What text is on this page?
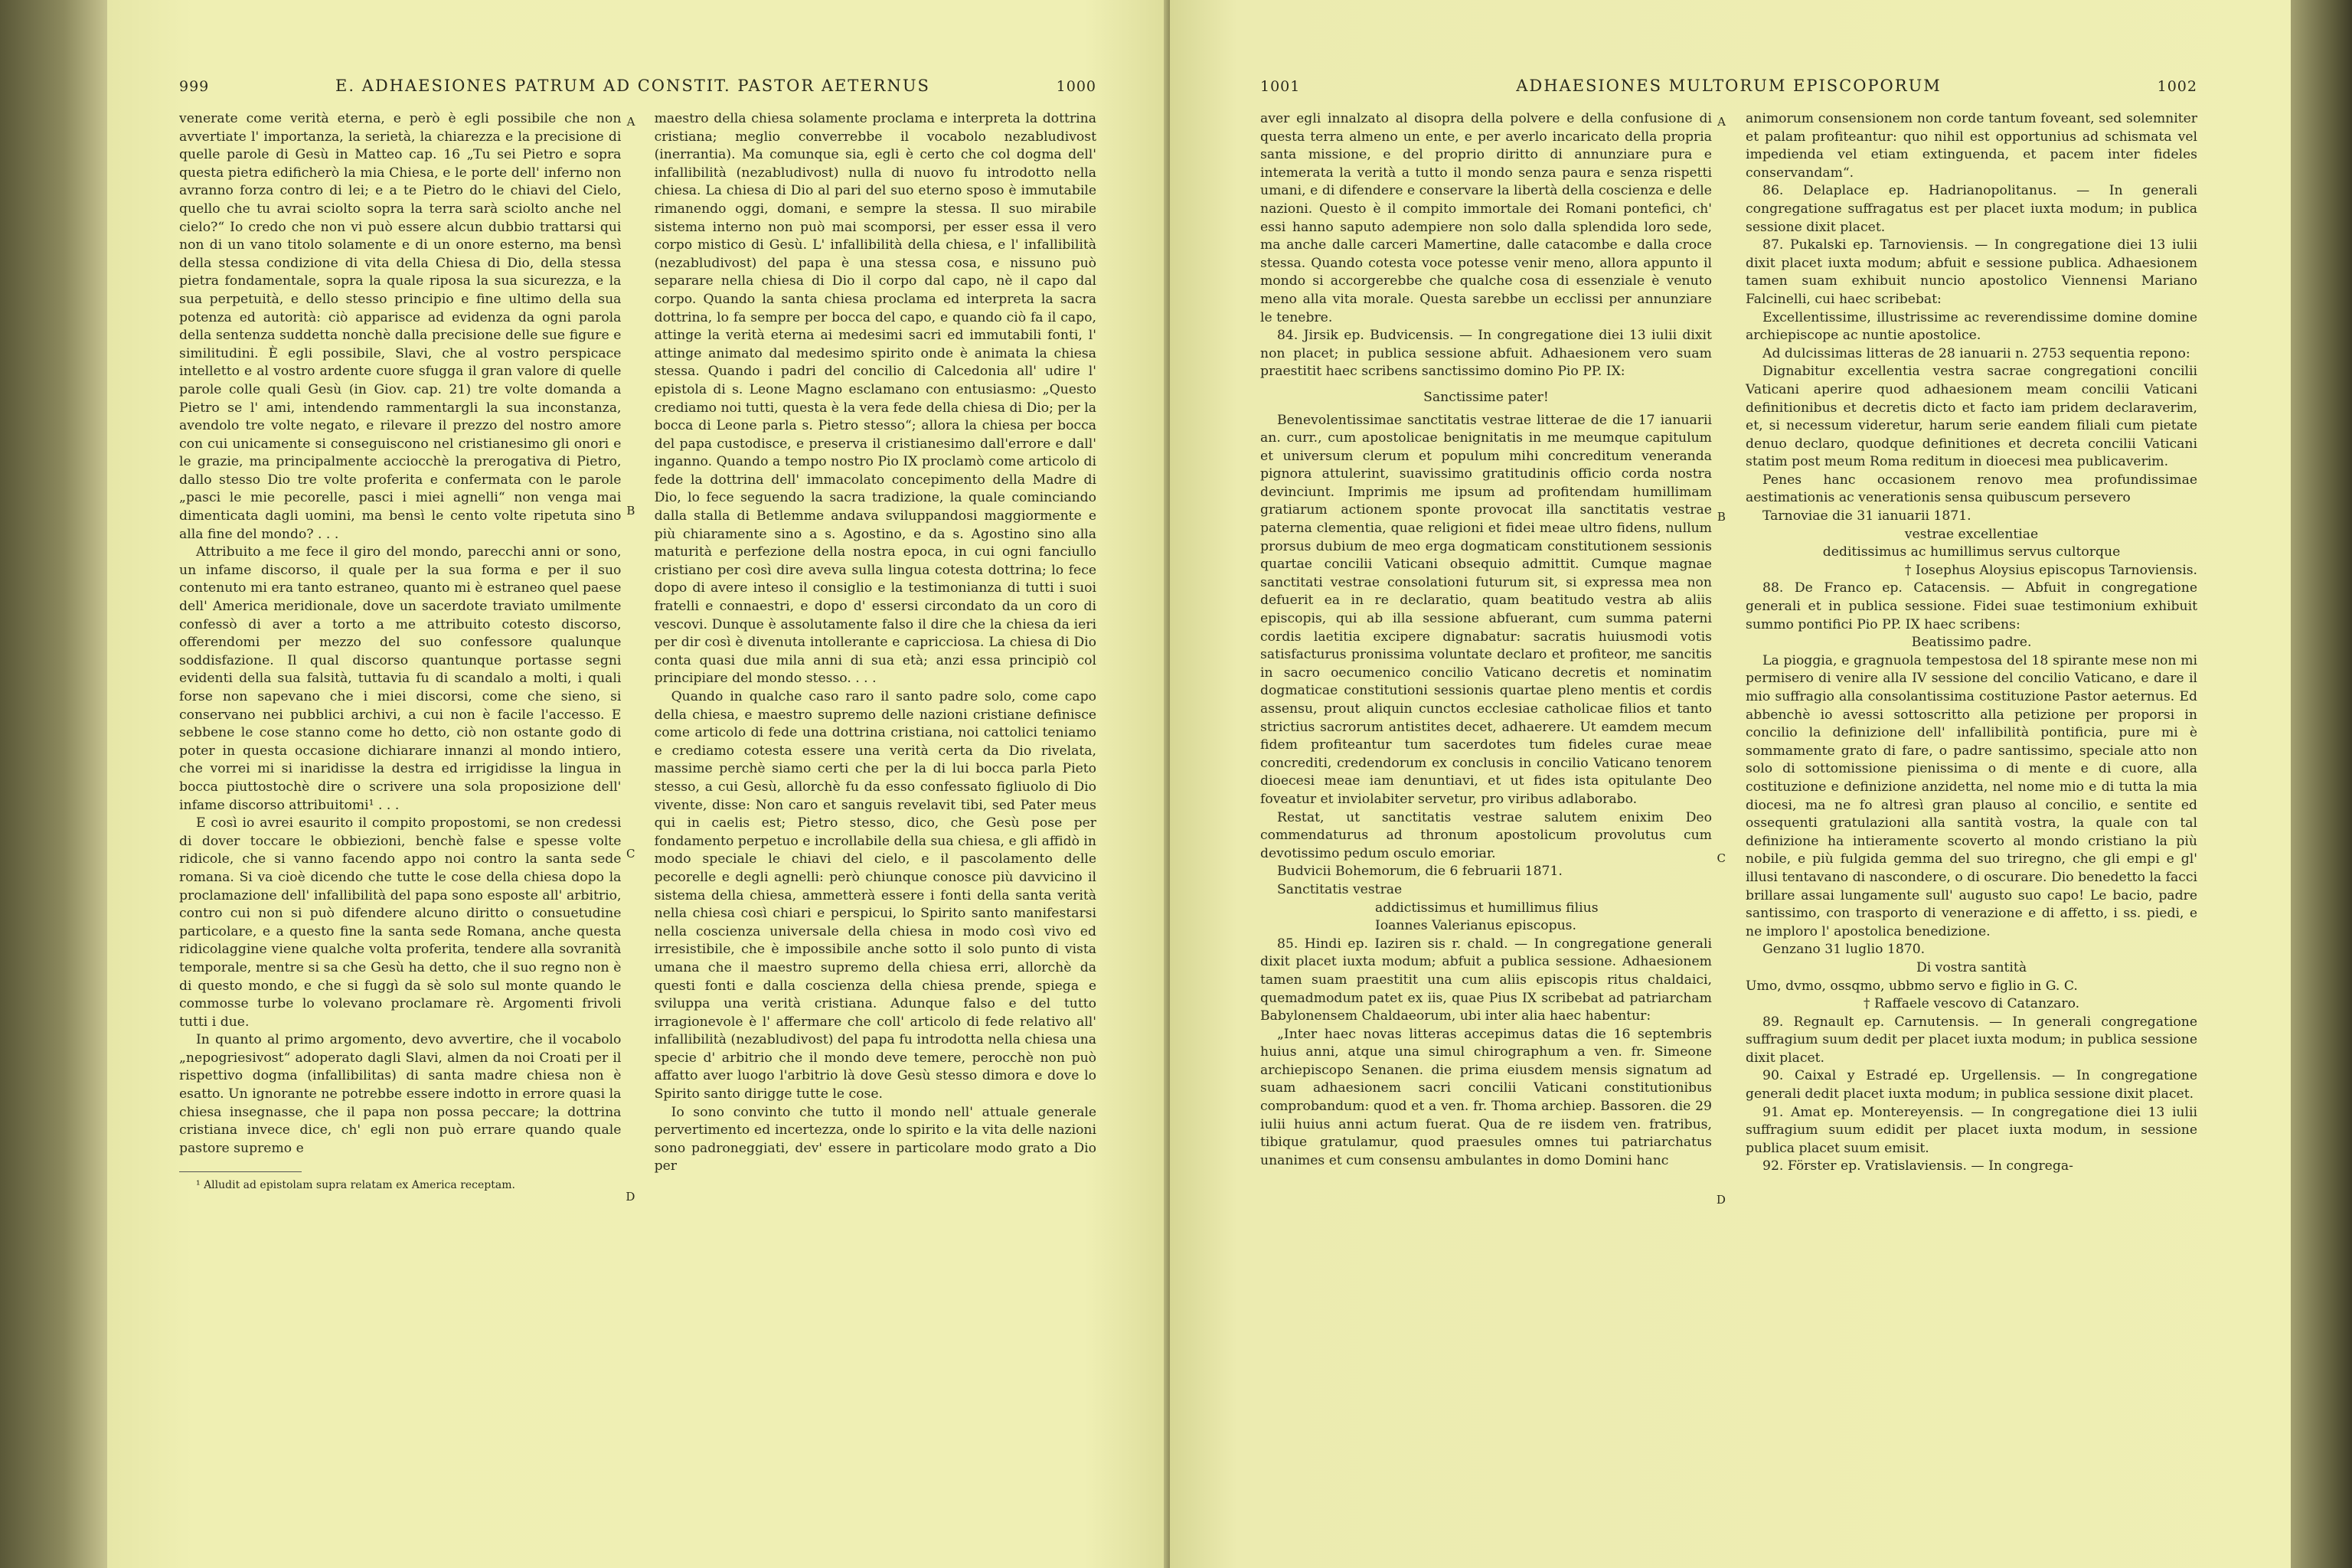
999	E. ADHAESIONES PATRUM AD CONSTIT. PASTOR AETERNUS	1000
A
B
C
D

venerate come verità eterna, e però è egli possibile che non avvertiate l' importanza, la serietà, la chiarezza e la precisione di quelle parole di Gesù in Matteo cap. 16 „Tu sei Pietro e sopra questa pietra edificherò la mia Chiesa, e le porte dell' inferno non avranno forza contro di lei; e a te Pietro do le chiavi del Cielo, quello che tu avrai sciolto sopra la terra sarà sciolto anche nel cielo?“ Io credo che non vi può essere alcun dubbio trattarsi qui non di un vano titolo solamente e di un onore esterno, ma bensì della stessa condizione di vita della Chiesa di Dio, della stessa pietra fondamentale, sopra la quale riposa la sua sicurezza, e la sua perpetuità, e dello stesso principio e fine ultimo della sua potenza ed autorità: ciò apparisce ad evidenza da ogni parola della sentenza suddetta nonchè dalla precisione delle sue figure e similitudini. È egli possibile, Slavi, che al vostro perspicace intelletto e al vostro ardente cuore sfugga il gran valore di quelle parole colle quali Gesù (in Giov. cap. 21) tre volte domanda a Pietro se l' ami, intendendo rammentargli la sua inconstanza, avendolo tre volte negato, e rilevare il prezzo del nostro amore con cui unicamente si conseguiscono nel cristianesimo gli onori e le grazie, ma principalmente acciocchè la prerogativa di Pietro, dallo stesso Dio tre volte proferita e confermata con le parole „pasci le mie pecorelle, pasci i miei agnelli“ non venga mai dimenticata dagli uomini, ma bensì le cento volte ripetuta sino alla fine del mondo? . . .

Attribuito a me fece il giro del mondo, parecchi anni or sono, un infame discorso, il quale per la sua forma e per il suo contenuto mi era tanto estraneo, quanto mi è estraneo quel paese dell' America meridionale, dove un sacerdote traviato umilmente confessò di aver a torto a me attribuito cotesto discorso, offerendomi per mezzo del suo confessore qualunque soddisfazione. Il qual discorso quantunque portasse segni evidenti della sua falsità, tuttavia fu di scandalo a molti, i quali forse non sapevano che i miei discorsi, come che sieno, si conservano nei pubblici archivi, a cui non è facile l'accesso. E sebbene le cose stanno come ho detto, ciò non ostante godo di poter in questa occasione dichiarare innanzi al mondo intiero, che vorrei mi si inaridisse la destra ed irrigidisse la lingua in bocca piuttostochè dire o scrivere una sola proposizione dell' infame discorso attribuitomi¹ . . .

E così io avrei esaurito il compito propostomi, se non credessi di dover toccare le obbiezioni, benchè false e spesse volte ridicole, che si vanno facendo appo noi contro la santa sede romana. Si va cioè dicendo che tutte le cose della chiesa dopo la proclamazione dell' infallibilità del papa sono esposte all' arbitrio, contro cui non si può difendere alcuno diritto o consuetudine particolare, e a questo fine la santa sede Romana, anche questa ridicolaggine viene qualche volta proferita, tendere alla sovranità temporale, mentre si sa che Gesù ha detto, che il suo regno non è di questo mondo, e che si fuggì da sè solo sul monte quando le commosse turbe lo volevano proclamare rè. Argomenti frivoli tutti i due.

In quanto al primo argomento, devo avvertire, che il vocabolo „nepogriesivost“ adoperato dagli Slavi, almen da noi Croati per il rispettivo dogma (infallibilitas) di santa madre chiesa non è esatto. Un ignorante ne potrebbe essere indotto in errore quasi la chiesa insegnasse, che il papa non possa peccare; la dottrina cristiana invece dice, ch' egli non può errare quando quale pastore supremo e

¹ Alludit ad epistolam supra relatam ex America receptam.

maestro della chiesa solamente proclama e interpreta la dottrina cristiana; meglio converrebbe il vocabolo nezabludivost (inerrantia). Ma comunque sia, egli è certo che col dogma dell' infallibilità (nezabludivost) nulla di nuovo fu introdotto nella chiesa. La chiesa di Dio al pari del suo eterno sposo è immutabile rimanendo oggi, domani, e sempre la stessa. Il suo mirabile sistema interno non può mai scomporsi, per esser essa il vero corpo mistico di Gesù. L' infallibilità della chiesa, e l' infallibilità (nezabludivost) del papa è una stessa cosa, e nissuno può separare nella chiesa di Dio il corpo dal capo, nè il capo dal corpo. Quando la santa chiesa proclama ed interpreta la sacra dottrina, lo fa sempre per bocca del capo, e quando ciò fa il capo, attinge la verità eterna ai medesimi sacri ed immutabili fonti, l' attinge animato dal medesimo spirito onde è animata la chiesa stessa. Quando i padri del concilio di Calcedonia all' udire l' epistola di s. Leone Magno esclamano con entusiasmo: „Questo crediamo noi tutti, questa è la vera fede della chiesa di Dio; per la bocca di Leone parla s. Pietro stesso“; allora la chiesa per bocca del papa custodisce, e preserva il cristianesimo dall'errore e dall' inganno. Quando a tempo nostro Pio IX proclamò come articolo di fede la dottrina dell' immacolato concepimento della Madre di Dio, lo fece seguendo la sacra tradizione, la quale cominciando dalla stalla di Betlemme andava sviluppandosi maggiormente e più chiaramente sino a s. Agostino, e da s. Agostino sino alla maturità e perfezione della nostra epoca, in cui ogni fanciullo cristiano per così dire aveva sulla lingua cotesta dottrina; lo fece dopo di avere inteso il consiglio e la testimonianza di tutti i suoi fratelli e connaestri, e dopo d' essersi circondato da un coro di vescovi. Dunque è assolutamente falso il dire che la chiesa da ieri per dir così è divenuta intollerante e capricciosa. La chiesa di Dio conta quasi due mila anni di sua età; anzi essa principiò col principiare del mondo stesso. . . .

Quando in qualche caso raro il santo padre solo, come capo della chiesa, e maestro supremo delle nazioni cristiane definisce come articolo di fede una dottrina cristiana, noi cattolici teniamo e crediamo cotesta essere una verità certa da Dio rivelata, massime perchè siamo certi che per la di lui bocca parla Pieto stesso, a cui Gesù, allorchè fu da esso confessato figliuolo di Dio vivente, disse: Non caro et sanguis revelavit tibi, sed Pater meus qui in caelis est; Pietro stesso, dico, che Gesù pose per fondamento perpetuo e incrollabile della sua chiesa, e gli affidò in modo speciale le chiavi del cielo, e il pascolamento delle pecorelle e degli agnelli: però chiunque conosce più davvicino il sistema della chiesa, ammetterà essere i fonti della santa verità nella chiesa così chiari e perspicui, lo Spirito santo manifestarsi nella coscienza universale della chiesa in modo così vivo ed irresistibile, che è impossibile anche sotto il solo punto di vista umana che il maestro supremo della chiesa erri, allorchè da questi fonti e dalla coscienza della chiesa prende, spiega e sviluppa una verità cristiana. Adunque falso e del tutto irragionevole è l' affermare che coll' articolo di fede relativo all' infallibilità (nezabludivost) del papa fu introdotta nella chiesa una specie d' arbitrio che il mondo deve temere, perocchè non può affatto aver luogo l'arbitrio là dove Gesù stesso dimora e dove lo Spirito santo dirigge tutte le cose.

Io sono convinto che tutto il mondo nell' attuale generale pervertimento ed incertezza, onde lo spirito e la vita delle nazioni sono padroneggiati, dev' essere in particolare modo grato a Dio per

1001	ADHAESIONES MULTORUM EPISCOPORUM	1002
A
B
C
D

aver egli innalzato al disopra della polvere e della confusione di questa terra almeno un ente, e per averlo incaricato della propria santa missione, e del proprio diritto di annunziare pura e intemerata la verità a tutto il mondo senza paura e senza rispetti umani, e di difendere e conservare la libertà della coscienza e delle nazioni. Questo è il compito immortale dei Romani pontefici, ch' essi hanno saputo adempiere non solo dalla splendida loro sede, ma anche dalle carceri Mamertine, dalle catacombe e dalla croce stessa. Quando cotesta voce potesse venir meno, allora appunto il mondo si accorgerebbe che qualche cosa di essenziale è venuto meno alla vita morale. Questa sarebbe un ecclissi per annunziare le tenebre.

84. Jirsik ep. Budvicensis. — In congregatione diei 13 iulii dixit non placet; in publica sessione abfuit. Adhaesionem vero suam praestitit haec scribens sanctissimo domino Pio PP. IX:

Sanctissime pater!

Benevolentissimae sanctitatis vestrae litterae de die 17 ianuarii an. curr., cum apostolicae benignitatis in me meumque capitulum et universum clerum et populum mihi concreditum veneranda pignora attulerint, suavissimo gratitudinis officio corda nostra devinciunt. Imprimis me ipsum ad profitendam humillimam gratiarum actionem sponte provocat illa sanctitatis vestrae paterna clementia, quae religioni et fidei meae ultro fidens, nullum prorsus dubium de meo erga dogmaticam constitutionem sessionis quartae concilii Vaticani obsequio admittit. Cumque magnae sanctitati vestrae consolationi futurum sit, si expressa mea non defuerit ea in re declaratio, quam beatitudo vestra ab aliis episcopis, qui ab illa sessione abfuerant, cum summa paterni cordis laetitia excipere dignabatur: sacratis huiusmodi votis satisfacturus pronissima voluntate declaro et profiteor, me sancitis in sacro oecumenico concilio Vaticano decretis et nominatim dogmaticae constitutioni sessionis quartae pleno mentis et cordis assensu, prout aliquin cunctos ecclesiae catholicae filios et tanto strictius sacrorum antistites decet, adhaerere. Ut eamdem mecum fidem profiteantur tum sacerdotes tum fideles curae meae concrediti, credendorum ex conclusis in concilio Vaticano tenorem dioecesi meae iam denuntiavi, et ut fides ista opitulante Deo foveatur et inviolabiter servetur, pro viribus adlaborabo.

Restat, ut sanctitatis vestrae salutem enixim Deo commendaturus ad thronum apostolicum provolutus cum devotissimo pedum osculo emoriar.

Budvicii Bohemorum, die 6 februarii 1871.

Sanctitatis vestrae

addictissimus et humillimus filius

Ioannes Valerianus episcopus.

85. Hindi ep. Iaziren sis r. chald. — In congregatione generali dixit placet iuxta modum; abfuit a publica sessione. Adhaesionem tamen suam praestitit una cum aliis episcopis ritus chaldaici, quemadmodum patet ex iis, quae Pius IX scribebat ad patriarcham Babylonensem Chaldaeorum, ubi inter alia haec habentur:

„Inter haec novas litteras accepimus datas die 16 septembris huius anni, atque una simul chirographum a ven. fr. Simeone archiepiscopo Senanen. die prima eiusdem mensis signatum ad suam adhaesionem sacri concilii Vaticani constitutionibus comprobandum: quod et a ven. fr. Thoma archiep. Bassoren. die 29 iulii huius anni actum fuerat. Qua de re iisdem ven. fratribus, tibique gratulamur, quod praesules omnes tui patriarchatus unanimes et cum consensu ambulantes in domo Domini hanc

animorum consensionem non corde tantum foveant, sed solemniter et palam profiteantur: quo nihil est opportunius ad schismata vel impedienda vel etiam extinguenda, et pacem inter fideles conservandam“.

86. Delaplace ep. Hadrianopolitanus. — In generali congregatione suffragatus est per placet iuxta modum; in publica sessione dixit placet.

87. Pukalski ep. Tarnoviensis. — In congregatione diei 13 iulii dixit placet iuxta modum; abfuit e sessione publica. Adhaesionem tamen suam exhibuit nuncio apostolico Viennensi Mariano Falcinelli, cui haec scribebat:

Excellentissime, illustrissime ac reverendissime domine domine archiepiscope ac nuntie apostolice.

Ad dulcissimas litteras de 28 ianuarii n. 2753 sequentia repono:

Dignabitur excellentia vestra sacrae congregationi concilii Vaticani aperire quod adhaesionem meam concilii Vaticani definitionibus et decretis dicto et facto iam pridem declaraverim, et, si necessum videretur, harum serie eandem filiali cum pietate denuo declaro, quodque definitiones et decreta concilii Vaticani statim post meum Roma reditum in dioecesi mea publicaverim.

Penes hanc occasionem renovo mea profundissimae aestimationis ac venerationis sensa quibuscum persevero

Tarnoviae die 31 ianuarii 1871.

vestrae excellentiae

deditissimus ac humillimus servus cultorque

† Iosephus Aloysius episcopus Tarnoviensis.

88. De Franco ep. Catacensis. — Abfuit in congregatione generali et in publica sessione. Fidei suae testimonium exhibuit summo pontifici Pio PP. IX haec scribens:

Beatissimo padre.

La pioggia, e gragnuola tempestosa del 18 spirante mese non mi permisero di venire alla IV sessione del concilio Vaticano, e dare il mio suffragio alla consolantissima costituzione Pastor aeternus. Ed abbenchè io avessi sottoscritto alla petizione per proporsi in concilio la definizione dell' infallibilità pontificia, pure mi è sommamente grato di fare, o padre santissimo, speciale atto non solo di sottomissione pienissima o di mente e di cuore, alla costituzione e definizione anzidetta, nel nome mio e di tutta la mia diocesi, ma ne fo altresì gran plauso al concilio, e sentite ed ossequenti gratulazioni alla santità vostra, la quale con tal definizione ha intieramente scoverto al mondo cristiano la più nobile, e più fulgida gemma del suo triregno, che gli empi e gl' illusi tentavano di nascondere, o di oscurare. Dio benedetto la facci brillare assai lungamente sull' augusto suo capo! Le bacio, padre santissimo, con trasporto di venerazione e di affetto, i ss. piedi, e ne imploro l' apostolica benedizione.

Genzano 31 luglio 1870.

Di vostra santità

Umo, dvmo, ossqmo, ubbmo servo e figlio in G. C.

† Raffaele vescovo di Catanzaro.

89. Regnault ep. Carnutensis. — In generali congregatione suffragium suum dedit per placet iuxta modum; in publica sessione dixit placet.

90. Caixal y Estradé ep. Urgellensis. — In congregatione generali dedit placet iuxta modum; in publica sessione dixit placet.

91. Amat ep. Montereyensis. — In congregatione diei 13 iulii suffragium suum edidit per placet iuxta modum, in sessione publica placet suum emisit.

92. Förster ep. Vratislaviensis. — In congrega-
